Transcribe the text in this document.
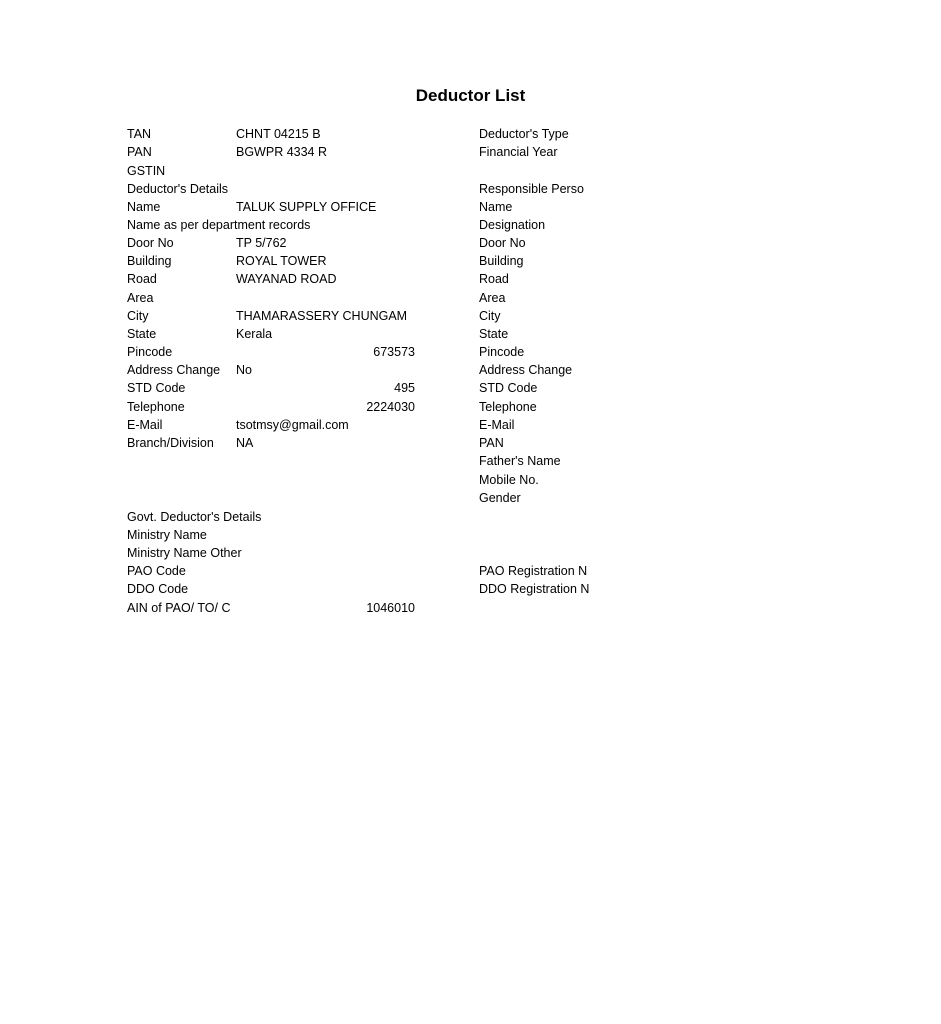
Deductor List
TAN	CHNT 04215 B
PAN	BGWPR 4334 R
GSTIN
Deductor's Details
Name	TALUK SUPPLY OFFICE
Name as per department records
Door No	TP 5/762
Building	ROYAL TOWER
Road	WAYANAD ROAD
Area
City	THAMARASSERY CHUNGAM
State	Kerala
Pincode	673573
Address Change	No
STD Code	495
Telephone	2224030
E-Mail	tsotmsy@gmail.com
Branch/Division	NA
Govt. Deductor's Details
Ministry Name
Ministry Name Other
PAO Code
DDO Code
AIN of PAO/ TO/ C	1046010
Deductor's Type
Financial Year
Responsible Perso
Name
Designation
Door No
Building
Road
Area
City
State
Pincode
Address Change
STD Code
Telephone
E-Mail
PAN
Father's Name
Mobile No.
Gender
PAO Registration N
DDO Registration N
